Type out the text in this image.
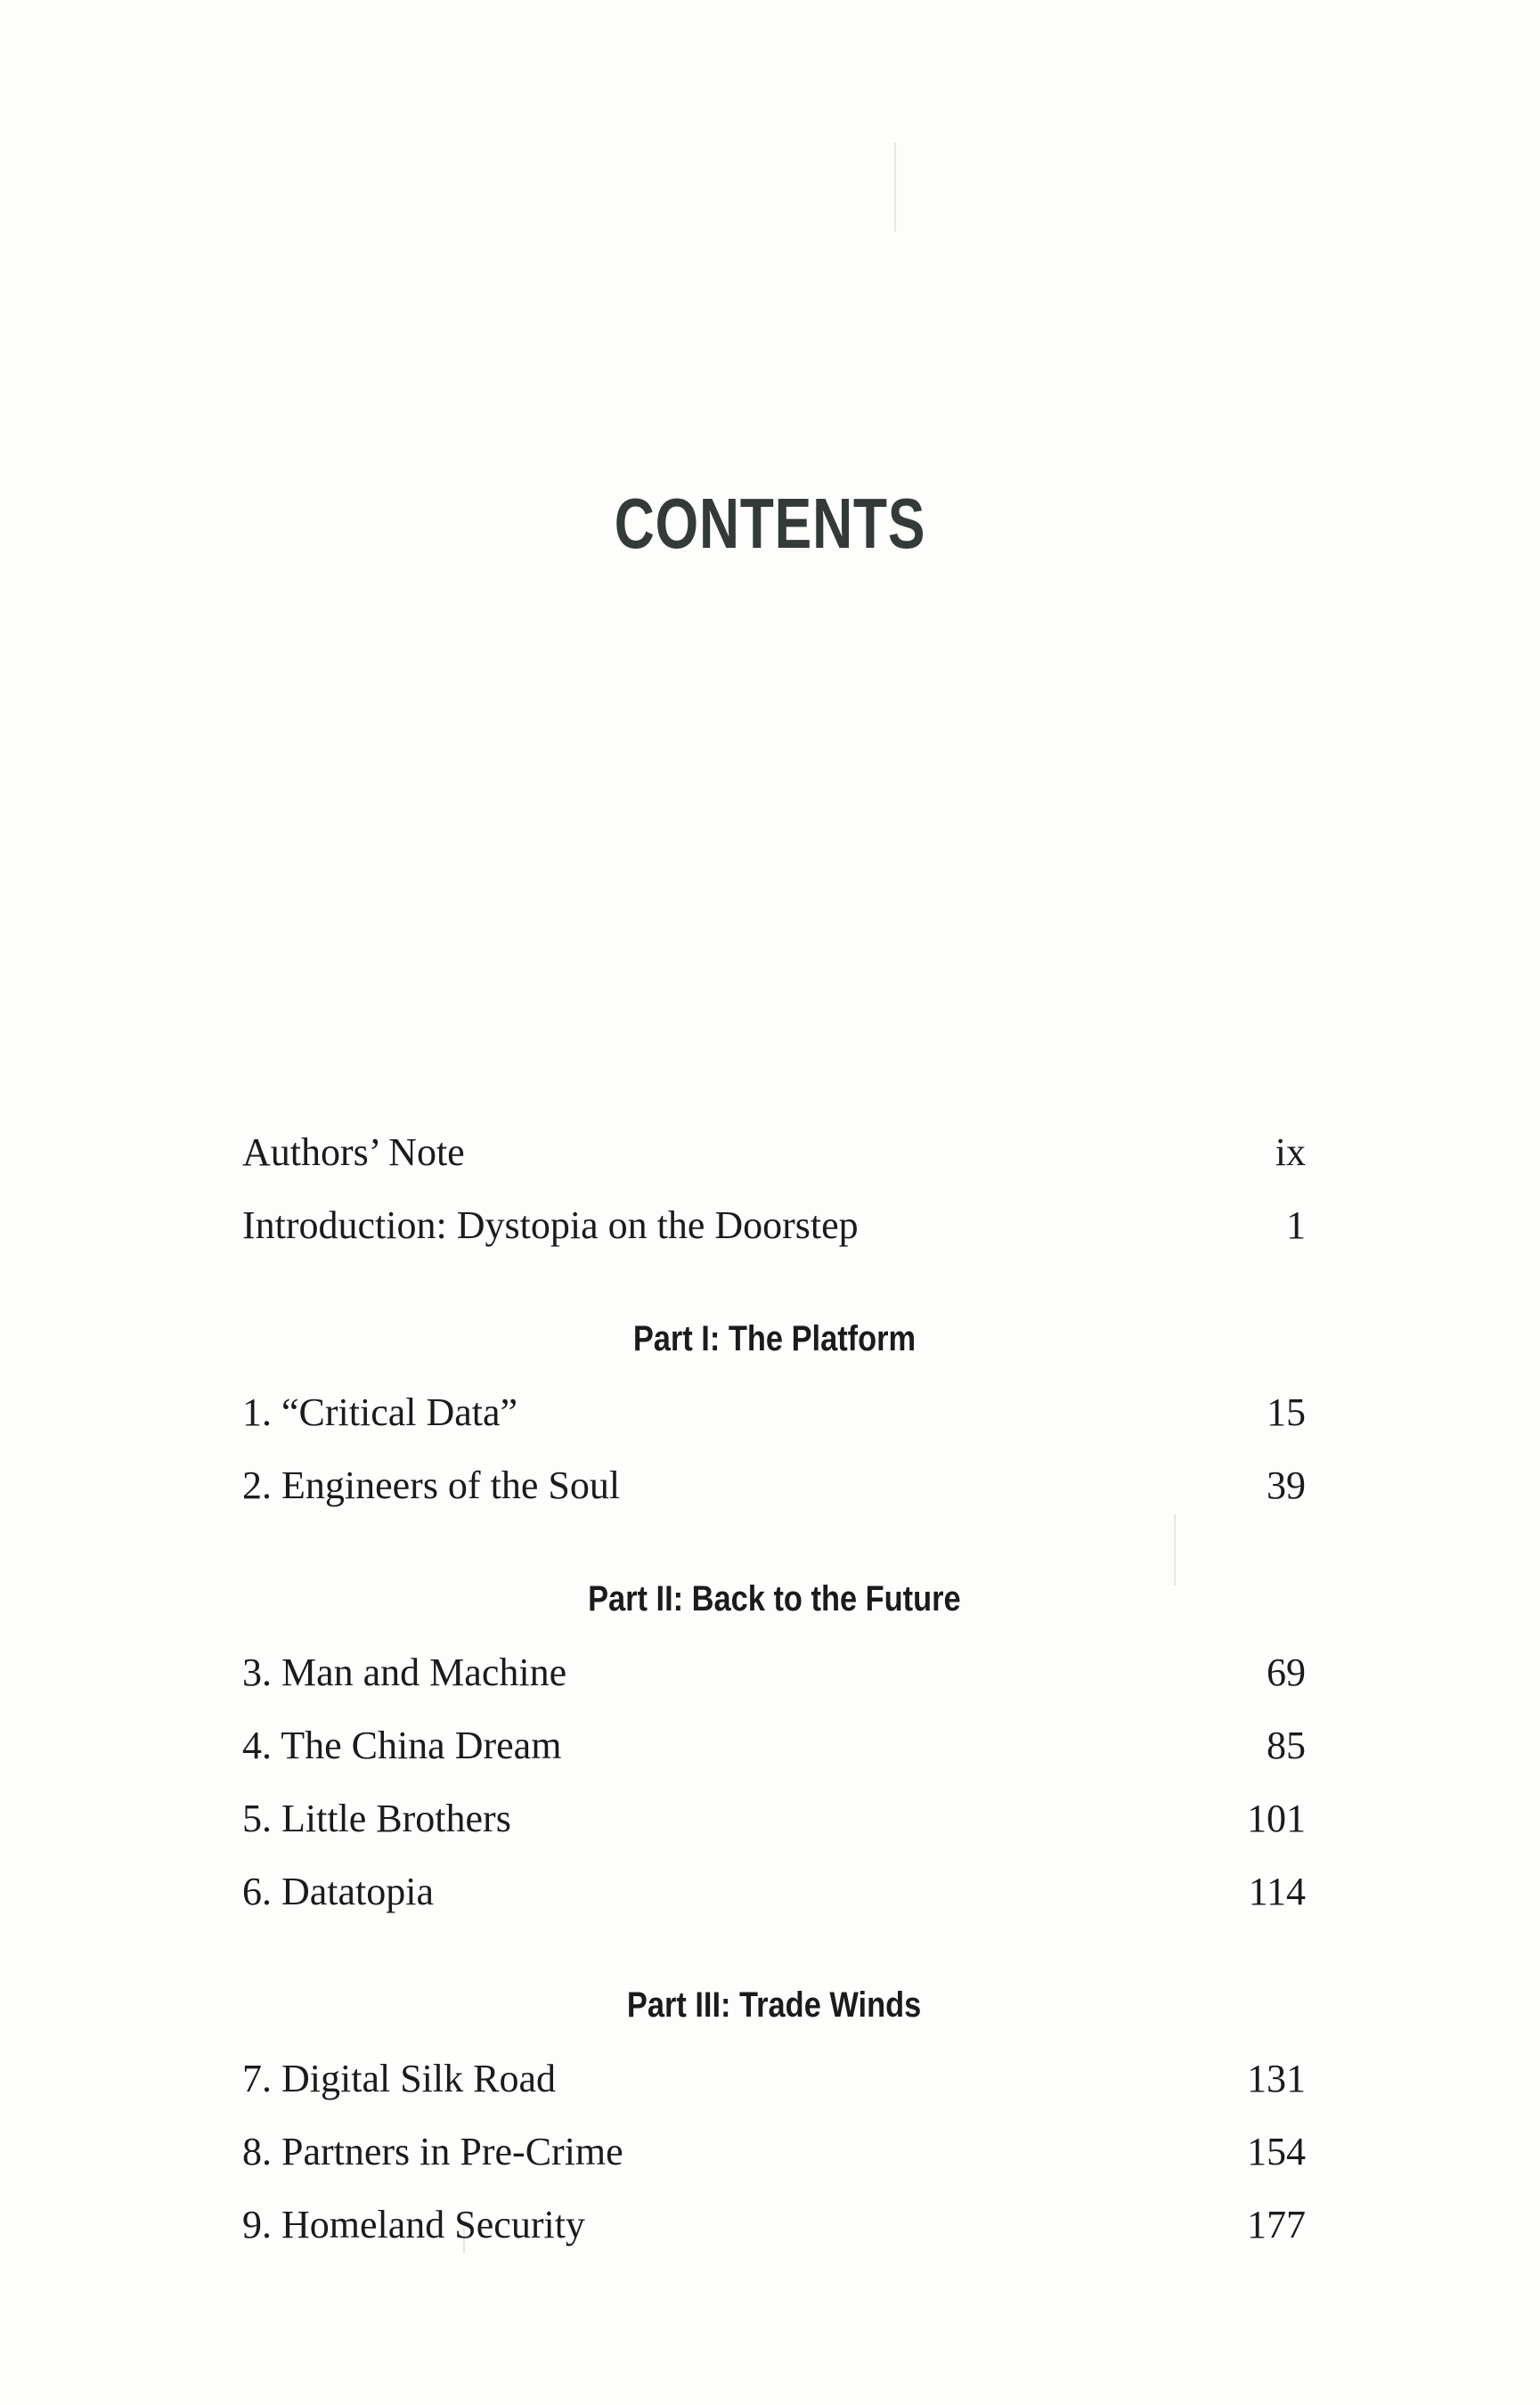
CONTENTS
Authors’ Note	ix
Introduction: Dystopia on the Doorstep	1
Part I: The Platform
1. “Critical Data”	15
2. Engineers of the Soul	39
Part II: Back to the Future
3. Man and Machine	69
4. The China Dream	85
5. Little Brothers	101
6. Datatopia	114
Part III: Trade Winds
7. Digital Silk Road	131
8. Partners in Pre-Crime	154
9. Homeland Security	177
